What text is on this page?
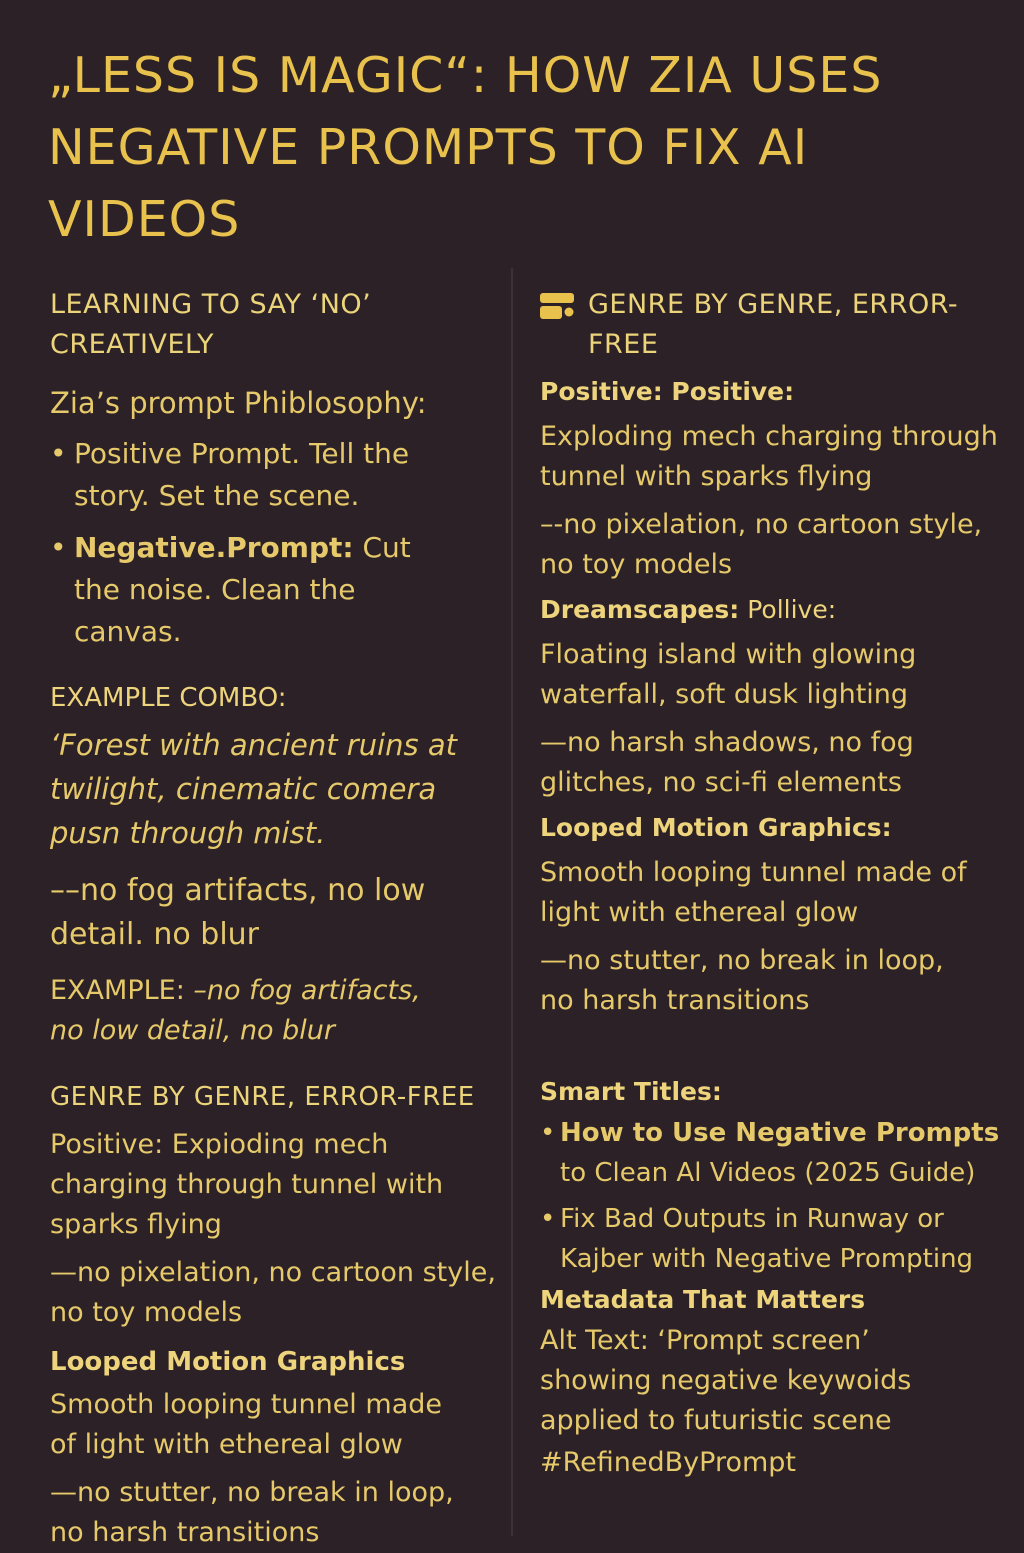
„LESS IS MAGIC“: HOW ZIA USES NEGATIVE PROMPTS TO FIX AI VIDEOS

LEARNING TO SAY ‘NO’ CREATIVELY

Zia’s prompt Phiblosophy:

• Positive Prompt. Tell the story. Set the scene.
• Negative.Prompt: Cut the noise. Clean the canvas.

EXAMPLE COMBO:

‘Forest with ancient ruins at twilight, cinematic comera pusn through mist.

––no fog artifacts, no low detail. no blur

EXAMPLE: –no fog artifacts, no low detail, no blur

GENRE BY GENRE, ERROR-FREE

Positive: Expioding mech charging through tunnel with sparks flying

—no pixelation, no cartoon style, no toy models

Looped Motion Graphics

Smooth looping tunnel made of light with ethereal glow

—no stutter, no break in loop, no harsh transitions

GENRE BY GENRE, ERROR-FREE

Positive: Positive:

Exploding mech charging through tunnel with sparks flying

–-no pixelation, no cartoon style, no toy models

Dreamscapes: Pollive:

Floating island with glowing waterfall, soft dusk lighting

—no harsh shadows, no fog glitches, no sci-fi elements

Looped Motion Graphics:

Smooth looping tunnel made of light with ethereal glow

—no stutter, no break in loop, no harsh transitions

Smart Titles:

• How to Use Negative Prompts to Clean Al Videos (2025 Guide)
• Fix Bad Outputs in Runway or Kajber with Negative Prompting

Metadata That Matters

Alt Text: ‘Prompt screen’ showing negative keywoids applied to futuristic scene

#RefinedByPrompt
